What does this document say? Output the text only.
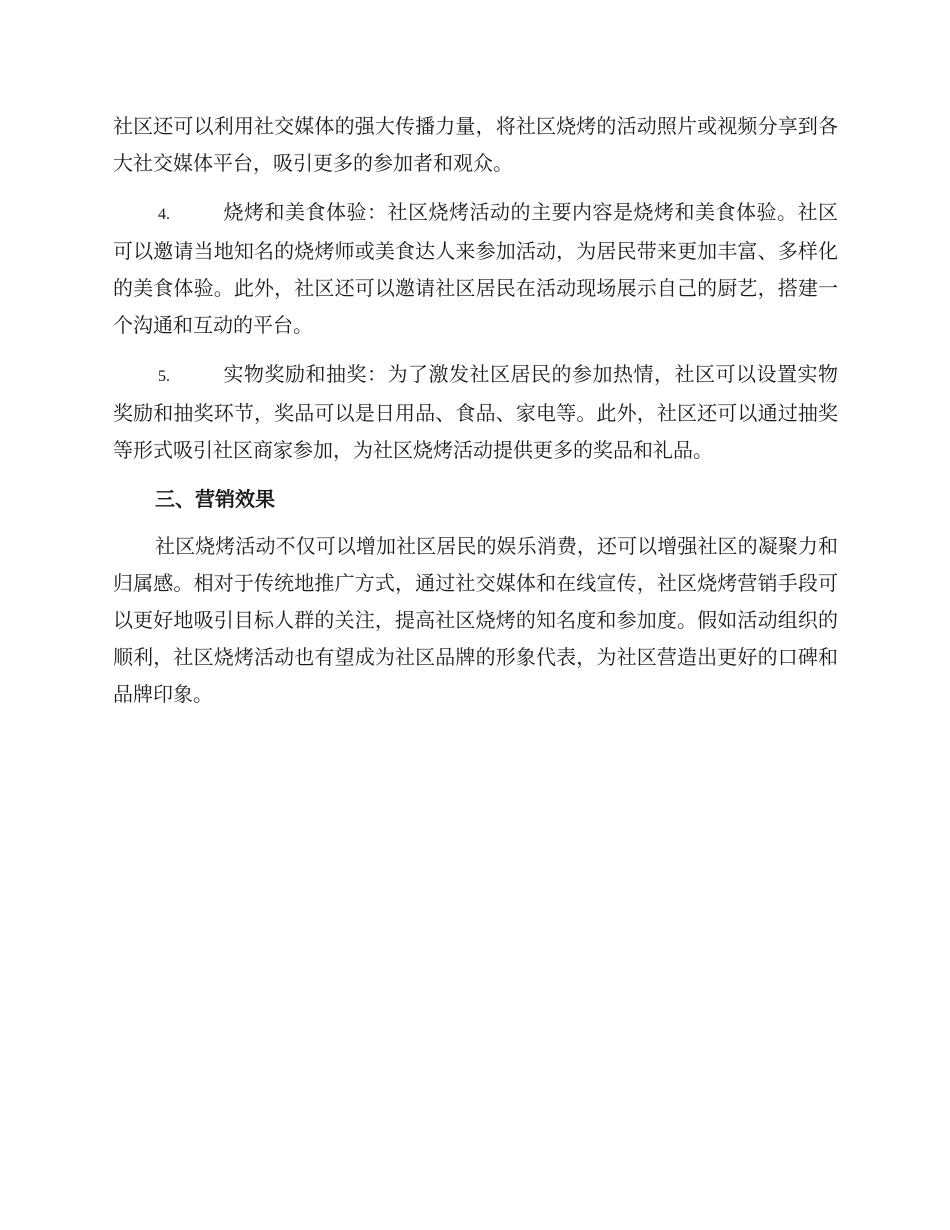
社区还可以利用社交媒体的强大传播力量，将社区烧烤的活动照片或视频分享到各大社交媒体平台，吸引更多的参加者和观众。

4.	烧烤和美食体验：社区烧烤活动的主要内容是烧烤和美食体验。社区可以邀请当地知名的烧烤师或美食达人来参加活动，为居民带来更加丰富、多样化的美食体验。此外，社区还可以邀请社区居民在活动现场展示自己的厨艺，搭建一个沟通和互动的平台。

5.	实物奖励和抽奖：为了激发社区居民的参加热情，社区可以设置实物奖励和抽奖环节，奖品可以是日用品、食品、家电等。此外，社区还可以通过抽奖等形式吸引社区商家参加，为社区烧烤活动提供更多的奖品和礼品。

三、营销效果

社区烧烤活动不仅可以增加社区居民的娱乐消费，还可以增强社区的凝聚力和归属感。相对于传统地推广方式，通过社交媒体和在线宣传，社区烧烤营销手段可以更好地吸引目标人群的关注，提高社区烧烤的知名度和参加度。假如活动组织的顺利，社区烧烤活动也有望成为社区品牌的形象代表，为社区营造出更好的口碑和品牌印象。
